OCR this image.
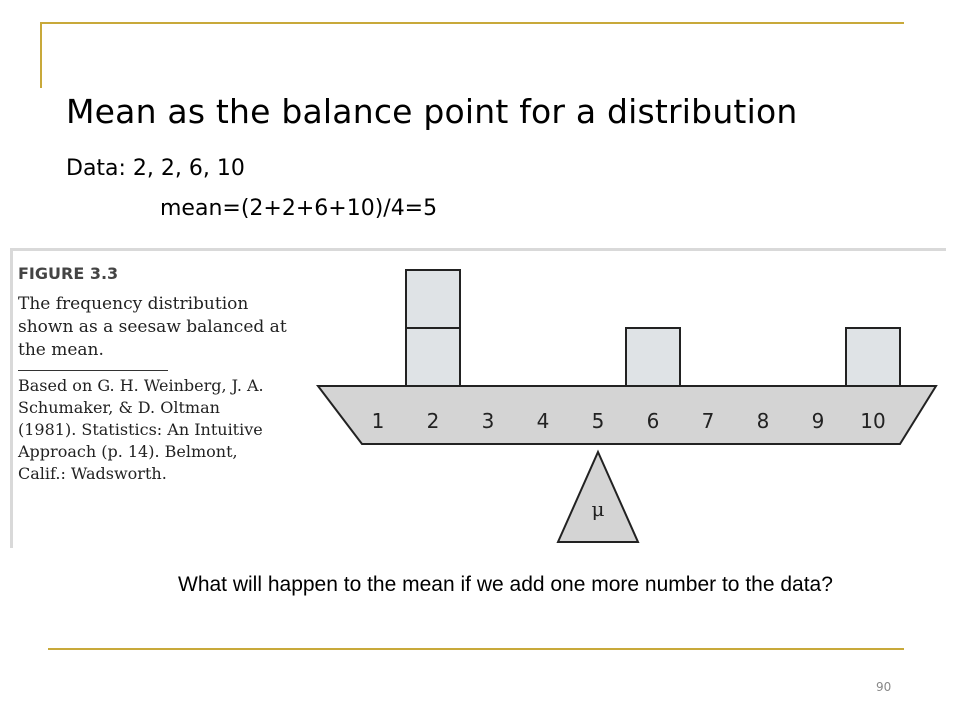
Mean as the balance point for a distribution
Data: 2, 2, 6, 10
mean=(2+2+6+10)/4=5
FIGURE 3.3
The frequency distribution shown as a seesaw balanced at the mean.
Based on G. H. Weinberg, J. A.
Schumaker, & D. Oltman
(1981). Statistics: An Intuitive
Approach (p. 14). Belmont,
Calif.: Wadsworth.
1 2 3 4 5 6 7 8 9 10
μ
What will happen to the mean if we add one more number to the data?
90
